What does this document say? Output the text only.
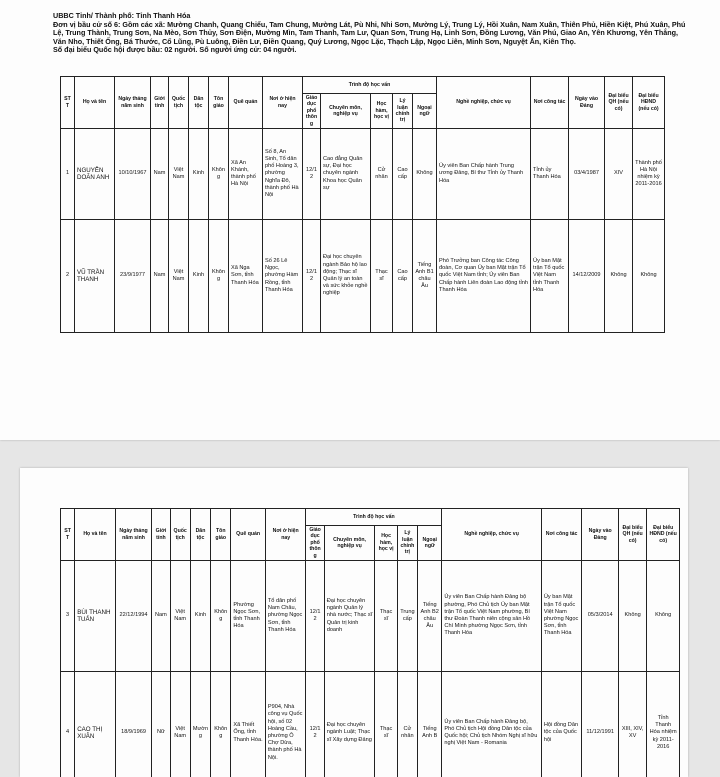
UBBC Tỉnh/ Thành phố: Tỉnh Thanh Hóa
Đơn vị bầu cử số 6: Gồm các xã: Mường Chanh, Quang Chiểu, Tam Chung, Mường Lát, Pù Nhi, Nhi Sơn, Mường Lý, Trung Lý, Hồi Xuân, Nam Xuân, Thiên Phủ, Hiền Kiệt, Phú Xuân, Phú Lệ, Trung Thành, Trung Sơn, Na Mèo, Sơn Thủy, Sơn Điện, Mường Mìn, Tam Thanh, Tam Lư, Quan Sơn, Trung Hạ, Linh Sơn, Đồng Lương, Văn Phú, Giao An, Yên Khương, Yên Thắng, Văn Nho, Thiết Ống, Bá Thước, Cổ Lũng, Pù Luông, Điền Lư, Điền Quang, Quý Lương, Ngọc Lặc, Thạch Lập, Ngọc Liên, Minh Sơn, Nguyệt Ấn, Kiên Thọ.
Số đại biểu Quốc hội được bầu: 02 người. Số người ứng cử: 04 người.
ST T	Họ và tên	Ngày tháng năm sinh	Giới tính	Quốc tịch	Dân tộc	Tôn giáo	Quê quán	Nơi ở hiện nay	Trình độ học vấn					Nghề nghiệp, chức vụ	Nơi công tác	Ngày vào Đảng	Đại biểu QH (nếu có)	Đại biểu HĐND (nếu có)
									Giáo dục phổ thông	Chuyên môn, nghiệp vụ	Học hàm, học vị	Lý luận chính trị	Ngoại ngữ					
1	NGUYỄN DOÃN ANH	10/10/1967	Nam	Việt Nam	Kinh	Không	Xã An Khánh, thành phố Hà Nội	Số 8, An Sinh, Tổ dân phố Hoàng 3, phường Nghĩa Đô, thành phố Hà Nội	12/12	Cao đẳng Quân sự, Đại học chuyên ngành Khoa học Quân sự	Cử nhân	Cao cấp	Không	Ủy viên Ban Chấp hành Trung ương Đảng, Bí thư Tỉnh ủy Thanh Hóa	Tỉnh ủy Thanh Hóa	03/4/1987	XIV	Thành phố Hà Nội nhiệm kỳ 2011-2016
2	VŨ TRẦN THANH	23/9/1977	Nam	Việt Nam	Kinh	Không	Xã Nga Sơn, tỉnh Thanh Hóa	Số 26 Lê Ngọc, phường Hàm Rồng, tỉnh Thanh Hóa	12/12	Đại học chuyên ngành Bảo hộ lao động; Thạc sĩ Quản lý an toàn và sức khỏe nghề nghiệp	Thạc sĩ	Cao cấp	Tiếng Anh B1 châu Âu	Phó Trưởng ban Công tác Công đoàn, Cơ quan Ủy ban Mặt trận Tổ quốc Việt Nam tỉnh; Ủy viên Ban Chấp hành Liên đoàn Lao động tỉnh Thanh Hóa	Ủy ban Mặt trận Tổ quốc Việt Nam tỉnh Thanh Hóa	14/12/2009	Không	Không
ST T	Họ và tên	Ngày tháng năm sinh	Giới tính	Quốc tịch	Dân tộc	Tôn giáo	Quê quán	Nơi ở hiện nay	Trình độ học vấn					Nghề nghiệp, chức vụ	Nơi công tác	Ngày vào Đảng	Đại biểu QH (nếu có)	Đại biểu HĐND (nếu có)
									Giáo dục phổ thông	Chuyên môn, nghiệp vụ	Học hàm, học vị	Lý luận chính trị	Ngoại ngữ					
3	BÙI THANH TUẤN	22/12/1994	Nam	Việt Nam	Kinh	Không	Phường Ngọc Sơn, tỉnh Thanh Hóa	Tổ dân phố Nam Châu, phường Ngọc Sơn, tỉnh Thanh Hóa	12/12	Đại học chuyên ngành Quản lý nhà nước; Thạc sĩ Quản trị kinh doanh	Thạc sĩ	Trung cấp	Tiếng Anh B2 châu Âu	Ủy viên Ban Chấp hành Đảng bộ phường, Phó Chủ tịch Ủy ban Mặt trận Tổ quốc Việt Nam phường, Bí thư Đoàn Thanh niên cộng sản Hồ Chí Minh phường Ngọc Sơn, tỉnh Thanh Hóa	Ủy ban Mặt trận Tổ quốc Việt Nam phường Ngọc Sơn, tỉnh Thanh Hóa	05/3/2014	Không	Không
4	CAO THỊ XUÂN	18/9/1969	Nữ	Việt Nam	Mường	Không	Xã Thiết Ống, tỉnh Thanh Hóa.	P904, Nhà công vụ Quốc hội, số 02 Hoàng Cầu, phường Ô Chợ Dừa, thành phố Hà Nội.	12/12	Đại học chuyên ngành Luật; Thạc sĩ Xây dựng Đảng	Thạc sĩ	Cử nhân	Tiếng Anh B	Ủy viên Ban Chấp hành Đảng bộ, Phó Chủ tịch Hội đồng Dân tộc của Quốc hội; Chủ tịch Nhóm Nghị sĩ hữu nghị Việt Nam - Romania	Hội đồng Dân tộc của Quốc hội	11/12/1991	XIII, XIV, XV	Tỉnh Thanh Hóa nhiệm kỳ 2011-2016
